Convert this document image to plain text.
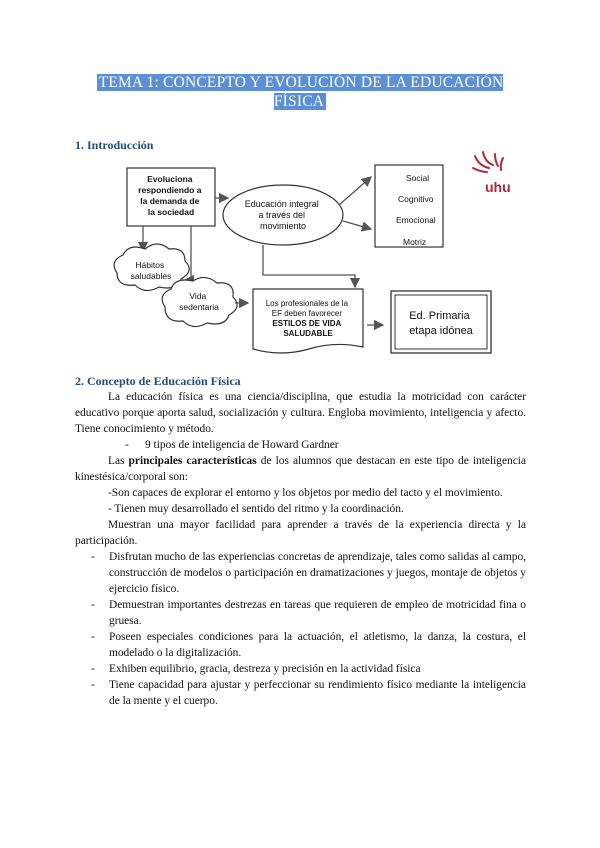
TEMA 1: CONCEPTO Y EVOLUCIÓN DE LA EDUCACIÓN FÍSICA
1. Introducción
uhu
Evoluciona respondiendo a la demanda de la sociedad
Educación integral a través del movimiento
Social Cognitivo Emocional Motriz
Hábitos saludables
Vida sedentaria	Los profesionales de la EF deben favorecer ESTILOS DE VIDA SALUDABLE
Ed. Primaria etapa idónea
2. Concepto de Educación Física

La educación física es una ciencia/disciplina, que estudia la motricidad con carácter educativo porque aporta salud, socialización y cultura. Engloba movimiento, inteligencia y afecto. Tiene conocimiento y método.

- 9 tipos de inteligencia de Howard Gardner

Las principales características de los alumnos que destacan en este tipo de inteligencia kinestésica/corporal son:

-Son capaces de explorar el entorno y los objetos por medio del tacto y el movimiento.

- Tienen muy desarrollado el sentido del ritmo y la coordinación.

Muestran una mayor facilidad para aprender a través de la experiencia directa y la participación.

- Disfrutan mucho de las experiencias concretas de aprendizaje, tales como salidas al campo, construcción de modelos o participación en dramatizaciones y juegos, montaje de objetos y ejercicio físico.
- Demuestran importantes destrezas en tareas que requieren de empleo de motricidad fina o gruesa.
- Poseen especiales condiciones para la actuación, el atletismo, la danza, la costura, el modelado o la digitalización.
- Exhiben equilibrio, gracia, destreza y precisión en la actividad física
- Tiene capacidad para ajustar y perfeccionar su rendimiento físico mediante la inteligencia de la mente y el cuerpo.
